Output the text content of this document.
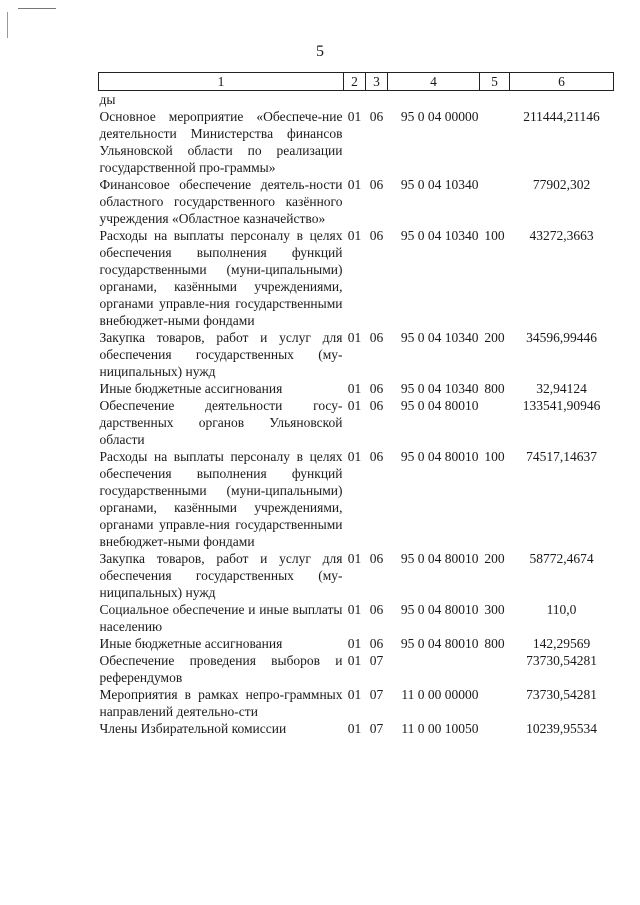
5
1	2	3	4	5	6
ды					
Основное мероприятие «Обеспече-ние деятельности Министерства финансов Ульяновской области по реализации государственной про-граммы»	01	06	95 0 04 00000		211444,21146
Финансовое обеспечение деятель-ности областного государственного казённого учреждения «Областное казначейство»	01	06	95 0 04 10340		77902,302
Расходы на выплаты персоналу в целях обеспечения выполнения функций государственными (муни-ципальными) органами, казёнными учреждениями, органами управле-ния государственными внебюджет-ными фондами	01	06	95 0 04 10340	100	43272,3663
Закупка товаров, работ и услуг для обеспечения государственных (му-ниципальных) нужд	01	06	95 0 04 10340	200	34596,99446
Иные бюджетные ассигнования	01	06	95 0 04 10340	800	32,94124
Обеспечение деятельности госу-дарственных органов Ульяновской области	01	06	95 0 04 80010		133541,90946
Расходы на выплаты персоналу в целях обеспечения выполнения функций государственными (муни-ципальными) органами, казёнными учреждениями, органами управле-ния государственными внебюджет-ными фондами	01	06	95 0 04 80010	100	74517,14637
Закупка товаров, работ и услуг для обеспечения государственных (му-ниципальных) нужд	01	06	95 0 04 80010	200	58772,4674
Социальное обеспечение и иные выплаты населению	01	06	95 0 04 80010	300	110,0
Иные бюджетные ассигнования	01	06	95 0 04 80010	800	142,29569
Обеспечение проведения выборов и референдумов	01	07			73730,54281
Мероприятия в рамках непро-граммных направлений деятельно-сти	01	07	11 0 00 00000		73730,54281
Члены Избирательной комиссии	01	07	11 0 00 10050		10239,95534
